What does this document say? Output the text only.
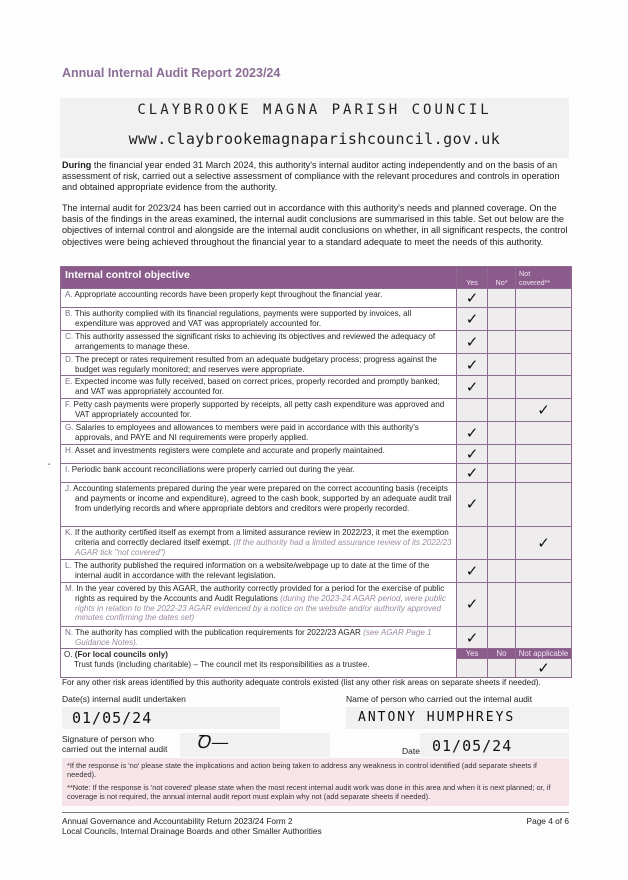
Annual Internal Audit Report 2023/24
CLAYBROOKE MAGNA PARISH COUNCIL
www.claybrookemagnaparishcouncil.gov.uk
During the financial year ended 31 March 2024, this authority's internal auditor acting independently and on the basis of an assessment of risk, carried out a selective assessment of compliance with the relevant procedures and controls in operation and obtained appropriate evidence from the authority.
The internal audit for 2023/24 has been carried out in accordance with this authority's needs and planned coverage. On the basis of the findings in the areas examined, the internal audit conclusions are summarised in this table. Set out below are the objectives of internal control and alongside are the internal audit conclusions on whether, in all significant respects, the control objectives were being achieved throughout the financial year to a standard adequate to meet the needs of this authority.
Internal control objective	Yes	No*	Not
covered**
A. Appropriate accounting records have been properly kept throughout the financial year.	✓		
B. This authority complied with its financial regulations, payments were supported by invoices, all expenditure was approved and VAT was appropriately accounted for.	✓		
C. This authority assessed the significant risks to achieving its objectives and reviewed the adequacy of arrangements to manage these.	✓		
D. The precept or rates requirement resulted from an adequate budgetary process; progress against the budget was regularly monitored; and reserves were appropriate.	✓		
E. Expected income was fully received, based on correct prices, properly recorded and promptly banked; and VAT was appropriately accounted for.	✓		
F. Petty cash payments were properly supported by receipts, all petty cash expenditure was approved and VAT appropriately accounted for.			✓
G. Salaries to employees and allowances to members were paid in accordance with this authority's approvals, and PAYE and NI requirements were properly applied.	✓		
H. Asset and investments registers were complete and accurate and properly maintained.	✓		
I. Periodic bank account reconciliations were properly carried out during the year.	✓		
J. Accounting statements prepared during the year were prepared on the correct accounting basis (receipts and payments or income and expenditure), agreed to the cash book, supported by an adequate audit trail from underlying records and where appropriate debtors and creditors were properly recorded.	✓		
K. If the authority certified itself as exempt from a limited assurance review in 2022/23, it met the exemption criteria and correctly declared itself exempt. (If the authority had a limited assurance review of its 2022/23 AGAR tick "not covered")			✓
L. The authority published the required information on a website/webpage up to date at the time of the internal audit in accordance with the relevant legislation.	✓		
M. In the year covered by this AGAR, the authority correctly provided for a period for the exercise of public rights as required by the Accounts and Audit Regulations (during the 2023-24 AGAR period, were public rights in relation to the 2022-23 AGAR evidenced by a notice on the website and/or authority approved minutes confirming the dates set)	✓		
N. The authority has complied with the publication requirements for 2022/23 AGAR (see AGAR Page 1 Guidance Notes).	✓		
O. (For local councils only)
Trust funds (including charitable) – The council met its responsibilities as a trustee.	Yes	No	Not applicable
			✓
For any other risk areas identified by this authority adequate controls existed (list any other risk areas on separate sheets if needed).
Date(s) internal audit undertaken	Name of person who carried out the internal audit
01/05/24	ANTONY HUMPHREYS
Signature of person who
carried out the internal audit	Ꝺ—	Date 01/05/24

*If the response is 'no' please state the implications and action being taken to address any weakness in control identified (add separate sheets if needed).

**Note: If the response is 'not covered' please state when the most recent internal audit work was done in this area and when it is next planned; or, if coverage is not required, the annual internal audit report must explain why not (add separate sheets if needed).

Annual Governance and Accountability Return 2023/24 Form 2
Local Councils, Internal Drainage Boards and other Smaller Authorities
Page 4 of 6
▪
